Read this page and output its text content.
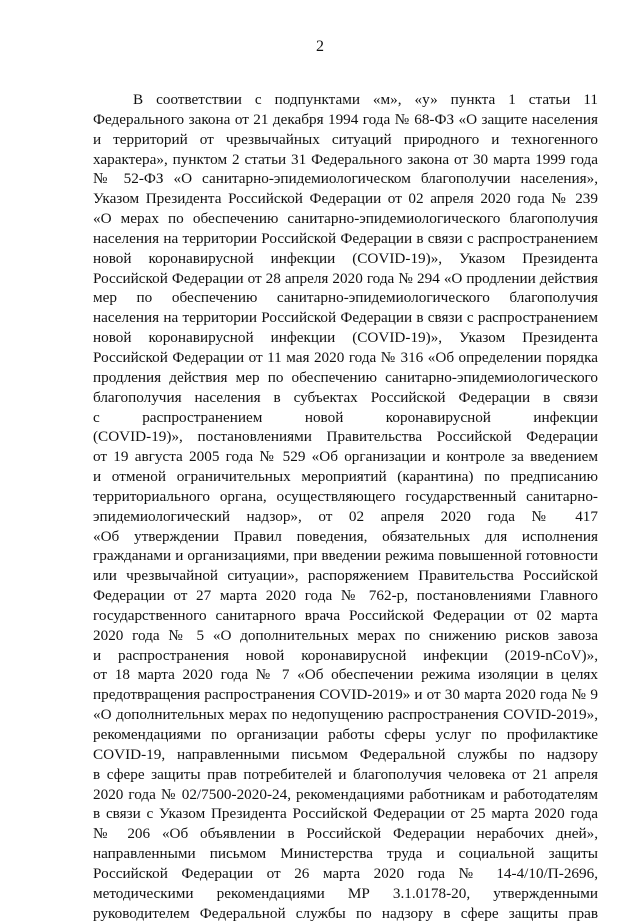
2
В соответствии с подпунктами «м», «у» пункта 1 статьи 11
Федерального закона от 21 декабря 1994 года № 68-ФЗ «О защите населения
и территорий от чрезвычайных ситуаций природного и техногенного
характера», пунктом 2 статьи 31 Федерального закона от 30 марта 1999 года
№ 52-ФЗ «О санитарно-эпидемиологическом благополучии населения»,
Указом Президента Российской Федерации от 02 апреля 2020 года № 239
«О мерах по обеспечению санитарно-эпидемиологического благополучия
населения на территории Российской Федерации в связи с распространением
новой коронавирусной инфекции (COVID-19)», Указом Президента
Российской Федерации от 28 апреля 2020 года № 294 «О продлении действия
мер по обеспечению санитарно-эпидемиологического благополучия
населения на территории Российской Федерации в связи с распространением
новой коронавирусной инфекции (COVID-19)», Указом Президента
Российской Федерации от 11 мая 2020 года № 316 «Об определении порядка
продления действия мер по обеспечению санитарно-эпидемиологического
благополучия населения в субъектах Российской Федерации в связи
с распространением новой коронавирусной инфекции
(COVID-19)», постановлениями Правительства Российской Федерации
от 19 августа 2005 года № 529 «Об организации и контроле за введением
и отменой ограничительных мероприятий (карантина) по предписанию
территориального органа, осуществляющего государственный санитарно-
эпидемиологический надзор», от 02 апреля 2020 года № 417
«Об утверждении Правил поведения, обязательных для исполнения
гражданами и организациями, при введении режима повышенной готовности
или чрезвычайной ситуации», распоряжением Правительства Российской
Федерации от 27 марта 2020 года № 762-р, постановлениями Главного
государственного санитарного врача Российской Федерации от 02 марта
2020 года № 5 «О дополнительных мерах по снижению рисков завоза
и распространения новой коронавирусной инфекции (2019-nCoV)»,
от 18 марта 2020 года № 7 «Об обеспечении режима изоляции в целях
предотвращения распространения COVID-2019» и от 30 марта 2020 года № 9
«О дополнительных мерах по недопущению распространения COVID-2019»,
рекомендациями по организации работы сферы услуг по профилактике
COVID-19, направленными письмом Федеральной службы по надзору
в сфере защиты прав потребителей и благополучия человека от 21 апреля
2020 года № 02/7500-2020-24, рекомендациями работникам и работодателям
в связи с Указом Президента Российской Федерации от 25 марта 2020 года
№ 206 «Об объявлении в Российской Федерации нерабочих дней»,
направленными письмом Министерства труда и социальной защиты
Российской Федерации от 26 марта 2020 года № 14-4/10/П-2696,
методическими рекомендациями МР 3.1.0178-20, утвержденными
руководителем Федеральной службы по надзору в сфере защиты прав
